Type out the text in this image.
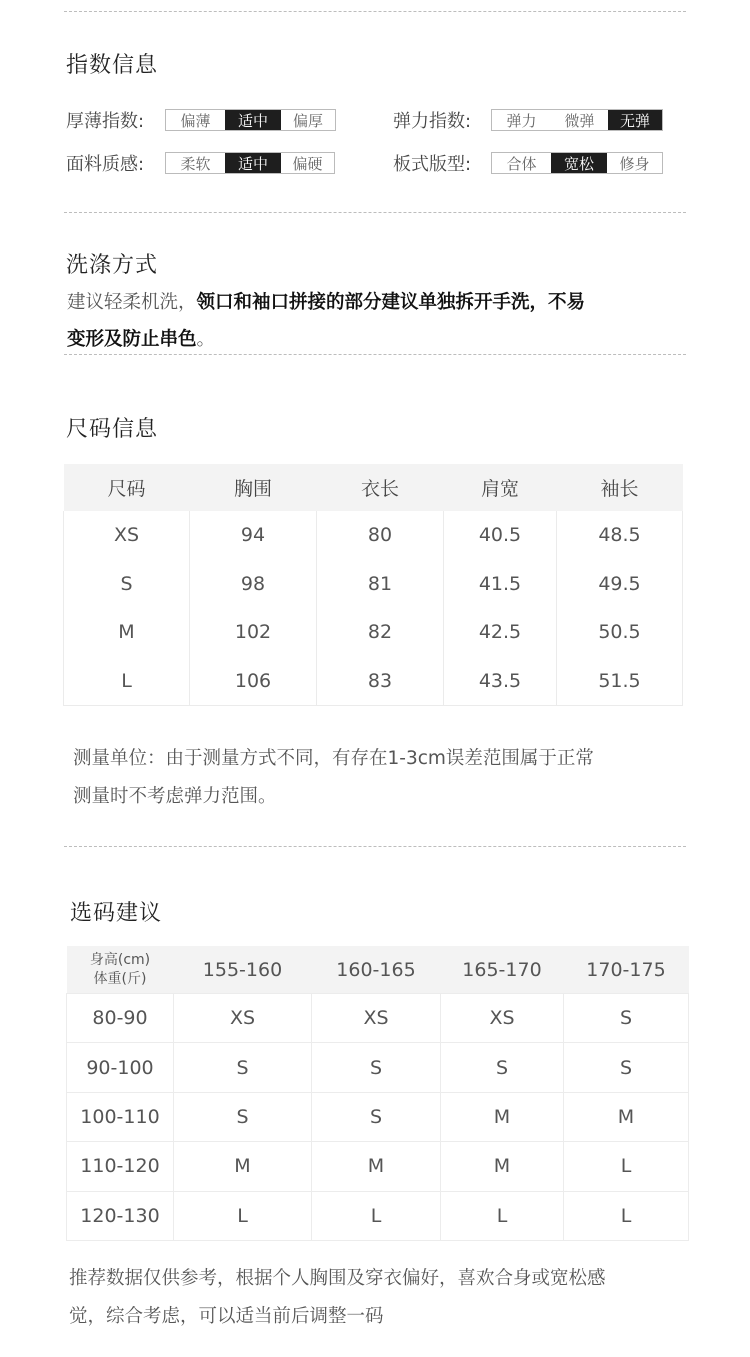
指数信息
厚薄指数:	偏薄	适中	偏厚	弹力指数:	弹力	微弹	无弹
面料质感:	柔软	适中	偏硬	板式版型:	合体	宽松	修身
洗涤方式
建议轻柔机洗，领口和袖口拼接的部分建议单独拆开手洗，不易
变形及防止串色。
尺码信息
尺码	胸围	衣长	肩宽	袖长
XS	94	80	40.5	48.5
S	98	81	41.5	49.5
M	102	82	42.5	50.5
L	106	83	43.5	51.5
测量单位：由于测量方式不同，有存在1-3cm误差范围属于正常
测量时不考虑弹力范围。
选码建议
身高(cm)
体重(斤)	155-160	160-165	165-170	170-175
80-90	XS	XS	XS	S
90-100	S	S	S	S
100-110	S	S	M	M
110-120	M	M	M	L
120-130	L	L	L	L
推荐数据仅供参考，根据个人胸围及穿衣偏好，喜欢合身或宽松感
觉，综合考虑，可以适当前后调整一码
